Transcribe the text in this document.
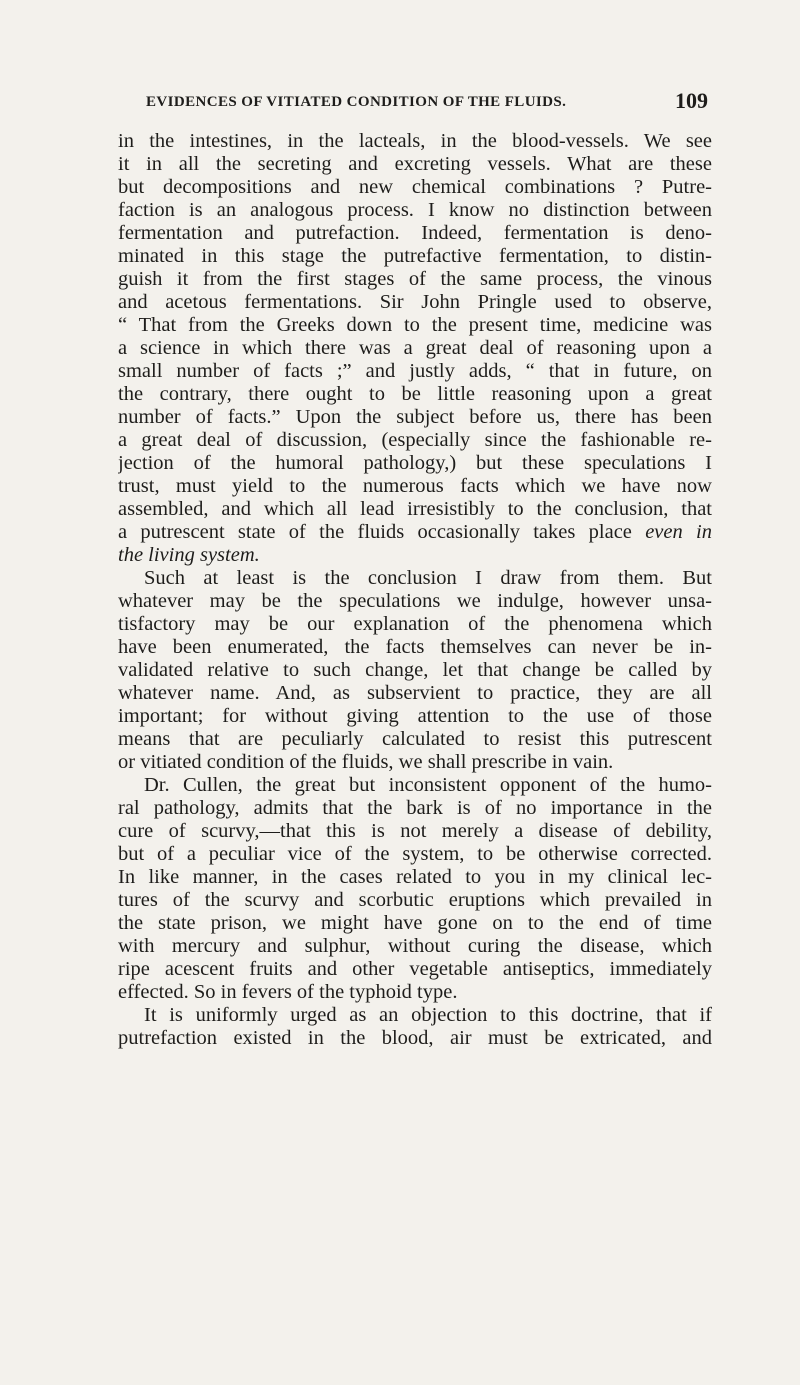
EVIDENCES OF VITIATED CONDITION OF THE FLUIDS.	109
in the intestines, in the lacteals, in the blood-vessels. We see
it in all the secreting and excreting vessels. What are these
but decompositions and new chemical combinations ? Putre-
faction is an analogous process. I know no distinction between
fermentation and putrefaction. Indeed, fermentation is deno-
minated in this stage the putrefactive fermentation, to distin-
guish it from the first stages of the same process, the vinous
and acetous fermentations. Sir John Pringle used to observe,
“ That from the Greeks down to the present time, medicine was
a science in which there was a great deal of reasoning upon a
small number of facts ;” and justly adds, “ that in future, on
the contrary, there ought to be little reasoning upon a great
number of facts.” Upon the subject before us, there has been
a great deal of discussion, (especially since the fashionable re-
jection of the humoral pathology,) but these speculations I
trust, must yield to the numerous facts which we have now
assembled, and which all lead irresistibly to the conclusion, that
a putrescent state of the fluids occasionally takes place even in
the living system.
Such at least is the conclusion I draw from them. But
whatever may be the speculations we indulge, however unsa-
tisfactory may be our explanation of the phenomena which
have been enumerated, the facts themselves can never be in-
validated relative to such change, let that change be called by
whatever name. And, as subservient to practice, they are all
important; for without giving attention to the use of those
means that are peculiarly calculated to resist this putrescent
or vitiated condition of the fluids, we shall prescribe in vain.
Dr. Cullen, the great but inconsistent opponent of the humo-
ral pathology, admits that the bark is of no importance in the
cure of scurvy,—that this is not merely a disease of debility,
but of a peculiar vice of the system, to be otherwise corrected.
In like manner, in the cases related to you in my clinical lec-
tures of the scurvy and scorbutic eruptions which prevailed in
the state prison, we might have gone on to the end of time
with mercury and sulphur, without curing the disease, which
ripe acescent fruits and other vegetable antiseptics, immediately
effected. So in fevers of the typhoid type.
It is uniformly urged as an objection to this doctrine, that if
putrefaction existed in the blood, air must be extricated, and
